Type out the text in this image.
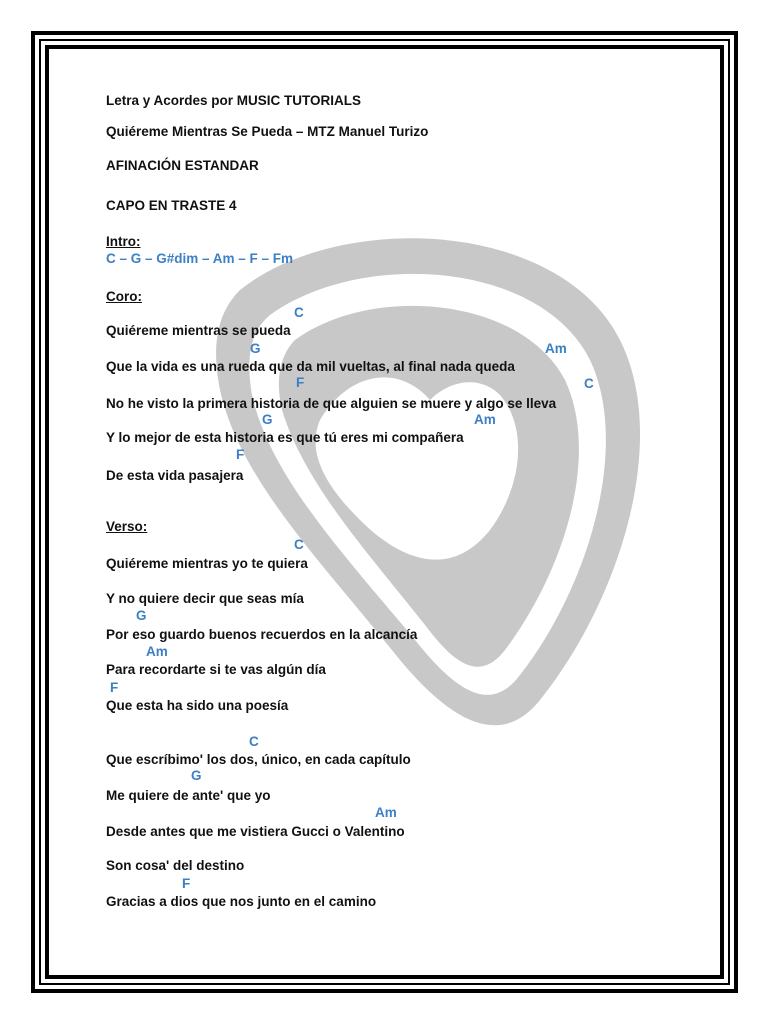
Letra y Acordes por MUSIC TUTORIALS
Quiéreme Mientras Se Pueda – MTZ Manuel Turizo
AFINACIÓN ESTANDAR
CAPO EN TRASTE 4
Intro:
C – G – G#dim – Am – F – Fm
Coro:
C
Quiéreme mientras se pueda
G	Am
Que la vida es una rueda que da mil vueltas, al final nada queda
F	C
No he visto la primera historia de que alguien se muere y algo se lleva
G	Am
Y lo mejor de esta historia es que tú eres mi compañera
F
De esta vida pasajera
Verso:
C
Quiéreme mientras yo te quiera
Y no quiere decir que seas mía
G
Por eso guardo buenos recuerdos en la alcancía
Am
Para recordarte si te vas algún día
F
Que esta ha sido una poesía
C
Que escríbimo' los dos, único, en cada capítulo
G
Me quiere de ante' que yo
Am
Desde antes que me vistiera Gucci o Valentino
Son cosa' del destino
F
Gracias a dios que nos junto en el camino
